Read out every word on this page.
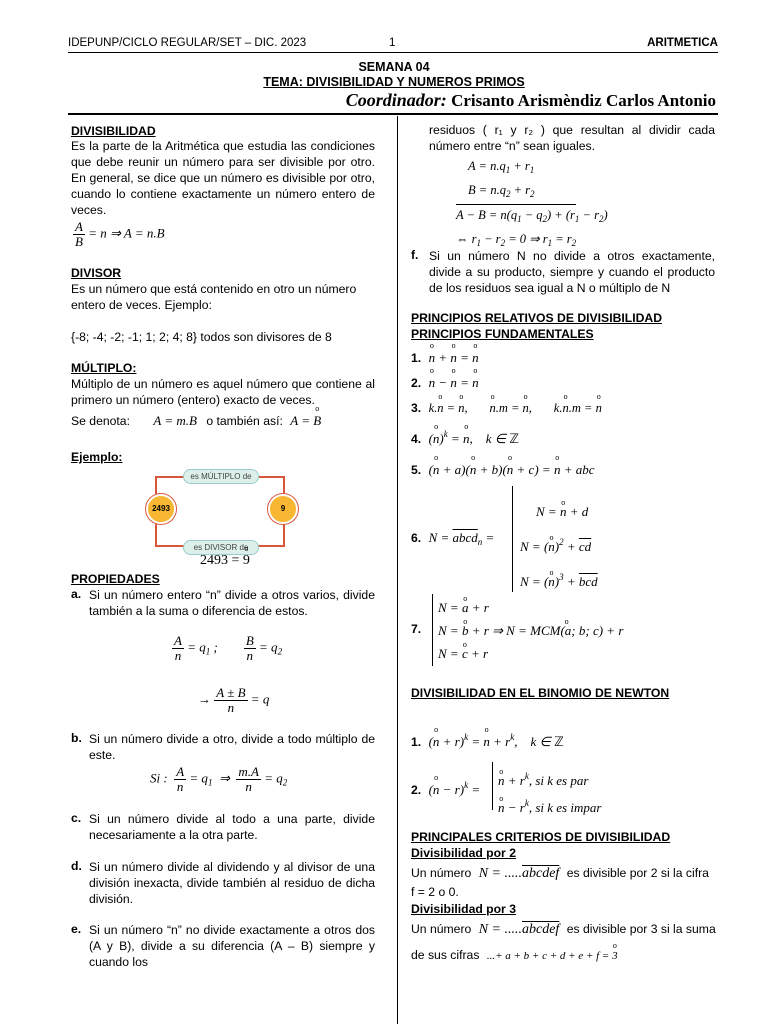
IDEPUNP/CICLO REGULAR/SET – DIC. 2023	1	ARITMETICA
SEMANA 04
TEMA: DIVISIBILIDAD Y NUMEROS PRIMOS
Coordinador: Crisanto Arismèndiz Carlos Antonio
DIVISIBILIDAD
Es la parte de la Aritmética que estudia las condiciones que debe reunir un número para ser divisible por otro. En general, se dice que un número es divisible por otro, cuando lo contiene exactamente un número entero de veces.
$\frac{A}{B} = n$ ⇒ A = n.B
DIVISOR
Es un número que está contenido en otro un número entero de veces. Ejemplo:
{-8; -4; -2; -1; 1; 2; 4; 8} todos son divisores de 8
MÚLTIPLO:
Múltiplo de un número es aquel número que contiene al primero un número (entero) exacto de veces.
Se denota: A = m.B o también así: A = o B
Ejemplo:
es MÚLTIPLO de
es DIVISOR de
2493	9
2493 = o 9
PROPIEDADES
a. Si un número entero “n” divide a otros varios, divide también a la suma o diferencia de estos.
$\frac{A}{n} = q_1$ ; $\frac{B}{n} = q_2$
→ $\frac{A \pm B}{n} = q$
b. Si un número divide a otro, divide a todo múltiplo de este.
Si : $\frac{A}{n} = q_1$  ⇒ $\frac{m.A}{n} = q_2$
c. Si un número divide al todo a una parte, divide necesariamente a la otra parte.
d. Si un número divide al dividendo y al divisor de una división inexacta, divide también al residuo de dicha división.
e. Si un número “n” no divide exactamente a otros dos (A y B), divide a su diferencia (A – B) siempre y cuando los
residuos ( r₁ y r₂ ) que resultan al dividir cada número entre “n” sean iguales.
$A = n.q_1 + r_1$
$B = n.q_2 + r_2$
$A - B = n(q_1 - q_2) + (r_1 - r_2)$
⇔ $r_1 - r_2 = 0$ ⇒ $r_1 = r_2$
f. Si un número N no divide a otros exactamente, divide a su producto, siempre y cuando el producto de los residuos sea igual a N o múltiplo de N
PRINCIPIOS RELATIVOS DE DIVISIBILIDAD
PRINCIPIOS FUNDAMENTALES
1. o n + o n = o n
2. o n − o n = o n
3. k.o n = o n,       o n.m = o n,       k.o n.m = o n
4. (o n)$^k$ = o n,    k ∈ ℤ
5. (o n + a)(o n + b)(o n + c) = o n + abc
6. N = abcd$_n$ =
N = o n + d
N = (o $n)^2 + \overline{cd}$
N = (o $n)^3 + \overline{bcd}$
7.
N = o a + r
N = o b + r ⇒ N = o MCM(a; b; c) + r
N = o c + r
DIVISIBILIDAD EN EL BINOMIO DE NEWTON
1. (o n + r)$^k$ = o $n + r^k$,    k ∈ ℤ
2. (o n − r)$^k$ =
o $n + r^k$, si k es par
o $n - r^k$, si k es impar
PRINCIPALES CRITERIOS DE DIVISIBILIDAD
Divisibilidad por 2
Un número N = .....abcdef es divisible por 2 si la cifra
f = 2 o 0.
Divisibilidad por 3
Un número N = .....abcdef es divisible por 3 si la suma
de sus cifras ...+ a + b + c + d + e + f = o 3
